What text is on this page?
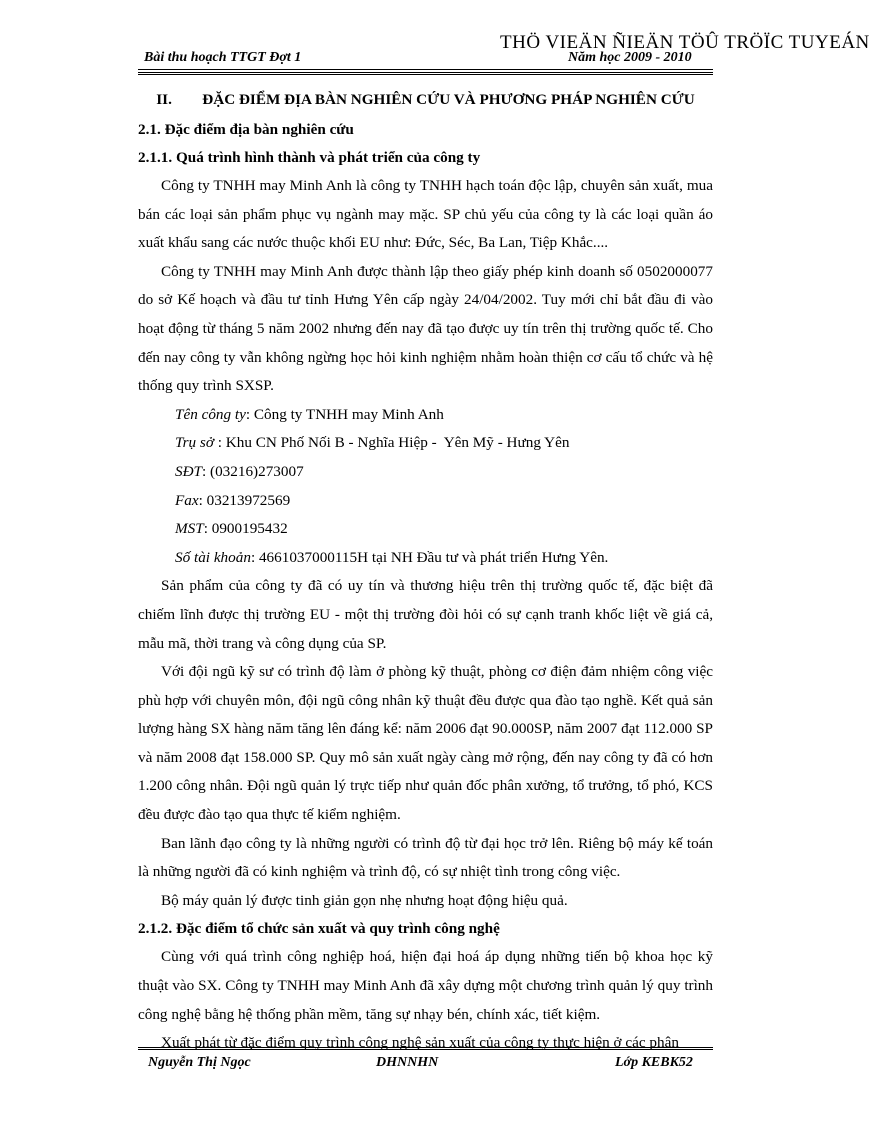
THÖ VIEÄN ÑIEÄN TÖÛ TRÖÏC TUYEÁN
Bài thu hoạch TTGT Đợt 1	Năm học 2009 - 2010

II.        ĐẶC ĐIỂM ĐỊA BÀN NGHIÊN CỨU VÀ PHƯƠNG PHÁP NGHIÊN CỨU

2.1. Đặc điểm địa bàn nghiên cứu

2.1.1. Quá trình hình thành và phát triển của công ty

Công ty TNHH may Minh Anh là công ty TNHH hạch toán độc lập, chuyên sản xuất, mua bán các loại sản phẩm phục vụ ngành may mặc. SP chủ yếu của công ty là các loại quần áo xuất khẩu sang các nước thuộc khối EU như: Đức, Séc, Ba Lan, Tiệp Khắc....

Công ty TNHH may Minh Anh được thành lập theo giấy phép kinh doanh số 0502000077 do sở Kế hoạch và đầu tư tỉnh Hưng Yên cấp ngày 24/04/2002. Tuy mới chỉ bắt đầu đi vào hoạt động từ tháng 5 năm 2002 nhưng đến nay đã tạo được uy tín trên thị trường quốc tế. Cho đến nay công ty vẫn không ngừng học hỏi kinh nghiệm nhằm hoàn thiện cơ cấu tổ chức và hệ thống quy trình SXSP.

Tên công ty: Công ty TNHH may Minh Anh

Trụ sở : Khu CN Phố Nối B - Nghĩa Hiệp -  Yên Mỹ - Hưng Yên

SĐT: (03216)273007

Fax: 03213972569

MST: 0900195432

Số tài khoản: 4661037000115H tại NH Đầu tư và phát triển Hưng Yên.

Sản phẩm của công ty đã có uy tín và thương hiệu trên thị trường quốc tế, đặc biệt đã chiếm lĩnh được thị trường EU - một thị trường đòi hỏi có sự cạnh tranh khốc liệt về giá cả, mẫu mã, thời trang và công dụng của SP.

Với đội ngũ kỹ sư có trình độ làm ở phòng kỹ thuật, phòng cơ điện đảm nhiệm công việc phù hợp với chuyên môn, đội ngũ công nhân kỹ thuật đều được qua đào tạo nghề. Kết quả sản lượng hàng SX hàng năm tăng lên đáng kể: năm 2006 đạt 90.000SP, năm 2007 đạt 112.000 SP và năm 2008 đạt 158.000 SP. Quy mô sản xuất ngày càng mở rộng, đến nay công ty đã có hơn 1.200 công nhân. Đội ngũ quản lý trực tiếp như quản đốc phân xưởng, tổ trưởng, tổ phó, KCS đều được đào tạo qua thực tế kiểm nghiệm.

Ban lãnh đạo công ty là những người có trình độ từ đại học trở lên. Riêng bộ máy kế toán là những người đã có kinh nghiệm và trình độ, có sự nhiệt tình trong công việc.

Bộ máy quản lý được tinh giản gọn nhẹ nhưng hoạt động hiệu quả.

2.1.2. Đặc điểm tổ chức sản xuất và quy trình công nghệ

Cùng với quá trình công nghiệp hoá, hiện đại hoá áp dụng những tiến bộ khoa học kỹ thuật vào SX. Công ty TNHH may Minh Anh đã xây dựng một chương trình quản lý quy trình công nghệ bằng hệ thống phần mềm, tăng sự nhạy bén, chính xác, tiết kiệm.

Xuất phát từ đặc điểm quy trình công nghệ sản xuất của công ty thực hiện ở các phân

Nguyễn Thị Ngọc	DHNNHN	Lớp KEBK52
